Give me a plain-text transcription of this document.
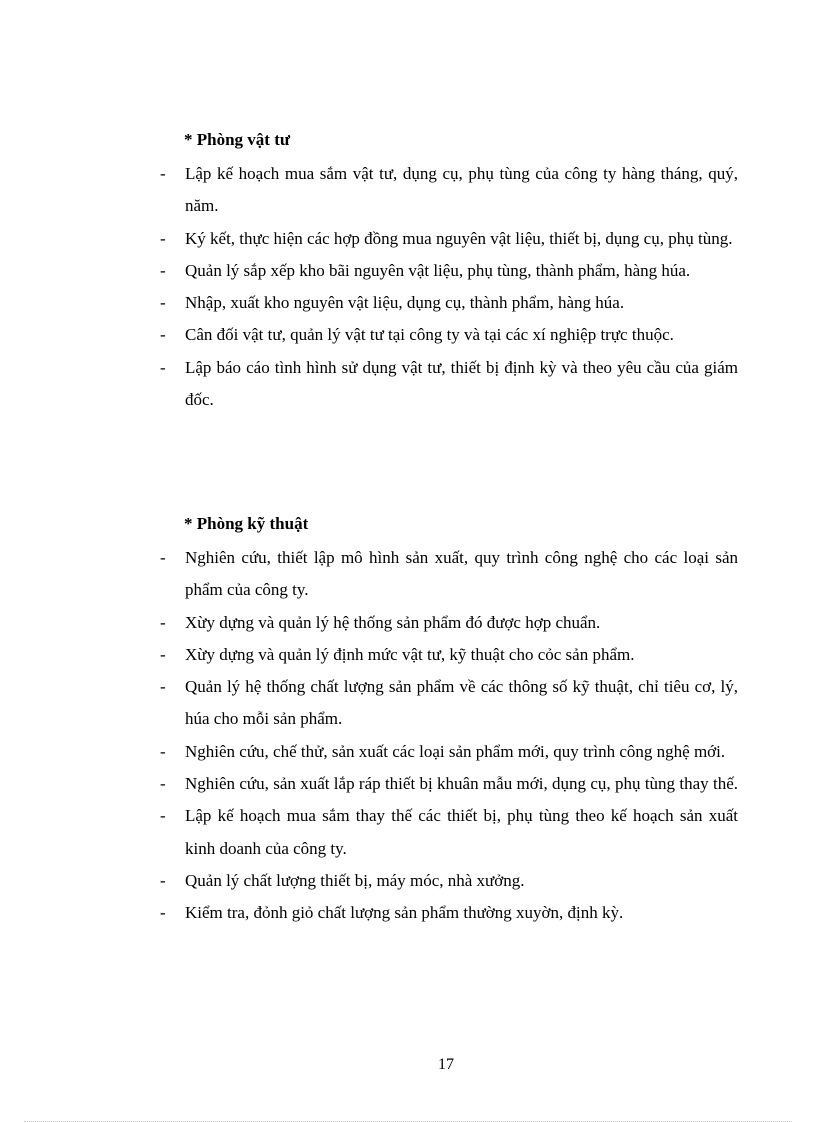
* Phòng vật tư

- Lập kế hoạch mua sắm vật tư, dụng cụ, phụ tùng của công ty hàng tháng, quý, năm.
- Ký kết, thực hiện các hợp đồng mua nguyên vật liệu, thiết bị, dụng cụ, phụ tùng.
- Quản lý sắp xếp kho bãi nguyên vật liệu, phụ tùng, thành phẩm, hàng húa.
- Nhập, xuất kho nguyên vật liệu, dụng cụ, thành phẩm, hàng húa.
- Cân đối vật tư, quản lý vật tư tại công ty và tại các xí nghiệp trực thuộc.
- Lập báo cáo tình hình sử dụng vật tư, thiết bị định kỳ và theo yêu cầu của giám đốc.

* Phòng kỹ thuật

- Nghiên cứu, thiết lập mô hình sản xuất, quy trình công nghệ cho các loại sản phẩm của công ty.
- Xừy dựng và quản lý hệ thống sản phẩm đó được hợp chuẩn.
- Xừy dựng và quản lý định mức vật tư, kỹ thuật cho cỏc sản phẩm.
- Quản lý hệ thống chất lượng sản phẩm về các thông số kỹ thuật, chỉ tiêu cơ, lý, húa cho mỗi sản phẩm.
- Nghiên cứu, chế thử, sản xuất các loại sản phẩm mới, quy trình công nghệ mới.
- Nghiên cứu, sản xuất lắp ráp thiết bị khuân mẫu mới, dụng cụ, phụ tùng thay thế.
- Lập kế hoạch mua sắm thay thế các thiết bị, phụ tùng theo kế hoạch sản xuất kinh doanh của công ty.
- Quản lý chất lượng thiết bị, máy móc, nhà xưởng.
- Kiểm tra, đỏnh giỏ chất lượng sản phẩm thường xuyờn, định kỳ.
17
